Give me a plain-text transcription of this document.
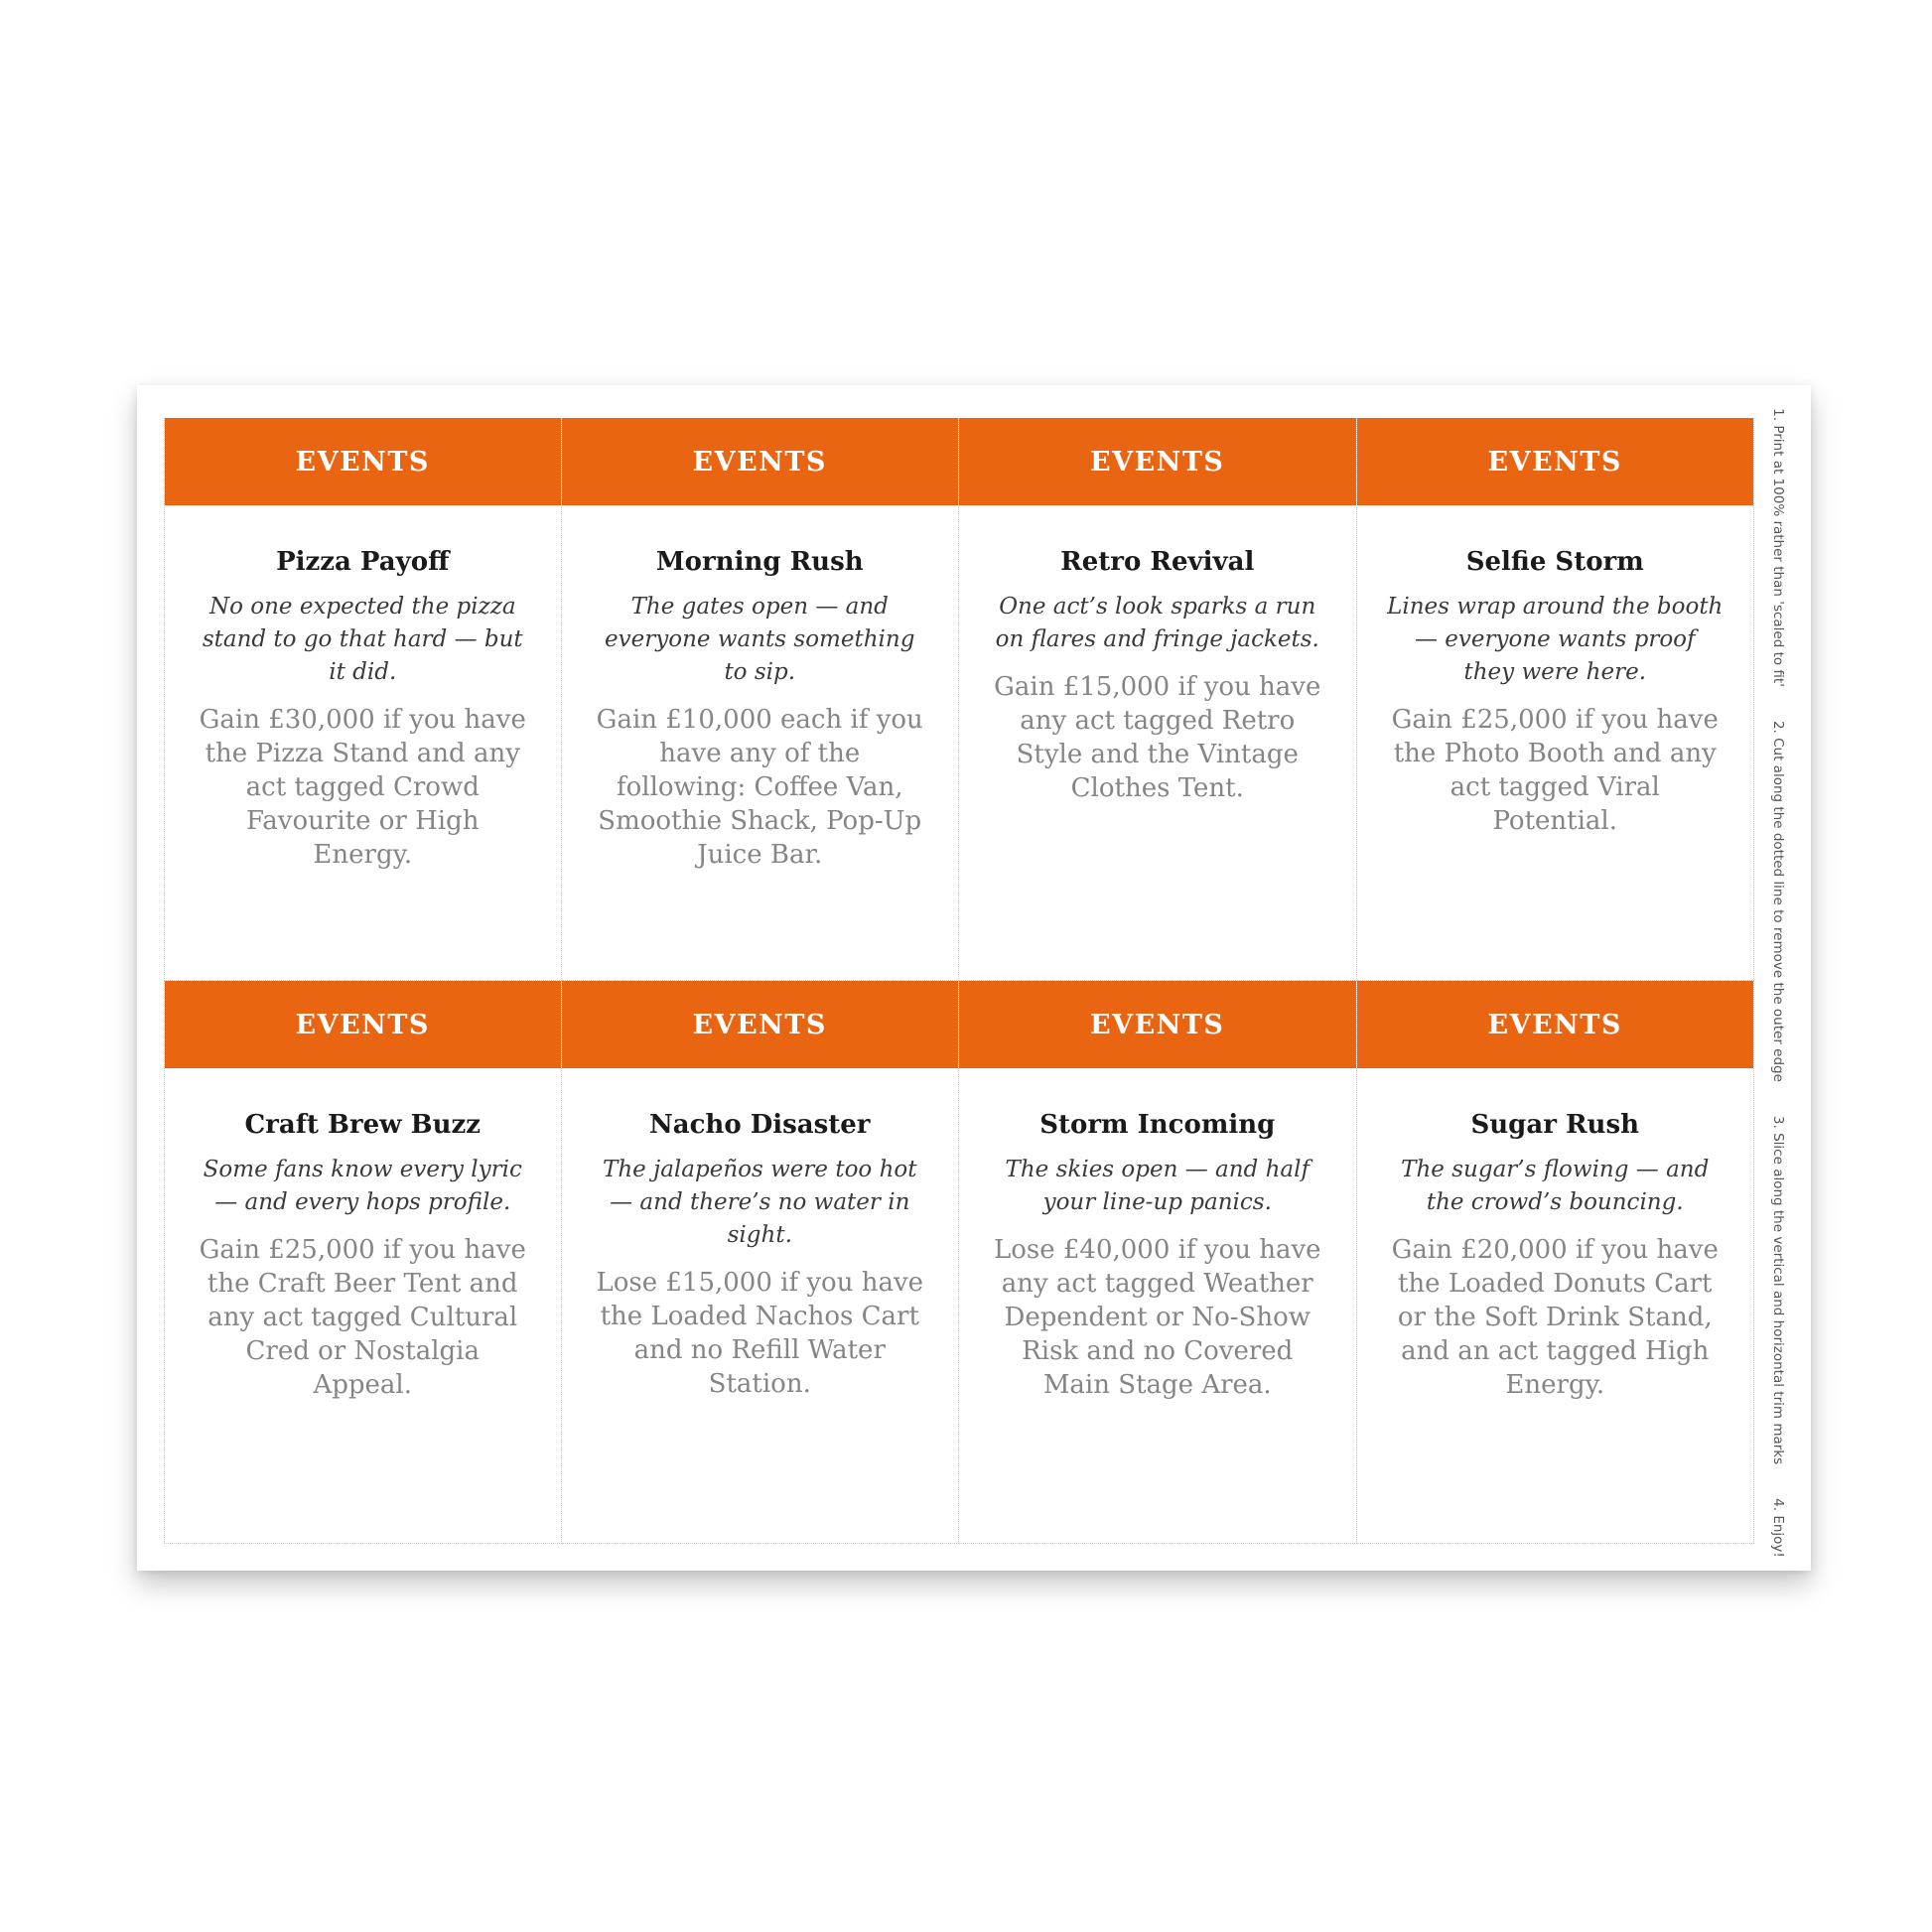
EVENTS
Pizza Payoff
No one expected the pizza stand to go that hard — but it did.
Gain £30,000 if you have the Pizza Stand and any act tagged Crowd Favourite or High Energy.
EVENTS
Morning Rush
The gates open — and everyone wants something to sip.
Gain £10,000 each if you have any of the following: Coffee Van, Smoothie Shack, Pop-Up Juice Bar.
EVENTS
Retro Revival
One act’s look sparks a run on flares and fringe jackets.
Gain £15,000 if you have any act tagged Retro Style and the Vintage Clothes Tent.
EVENTS
Selfie Storm
Lines wrap around the booth — everyone wants proof they were here.
Gain £25,000 if you have the Photo Booth and any act tagged Viral Potential.
EVENTS
Craft Brew Buzz
Some fans know every lyric — and every hops profile.
Gain £25,000 if you have the Craft Beer Tent and any act tagged Cultural Cred or Nostalgia Appeal.
EVENTS
Nacho Disaster
The jalapeños were too hot — and there’s no water in sight.
Lose £15,000 if you have the Loaded Nachos Cart and no Refill Water Station.
EVENTS
Storm Incoming
The skies open — and half your line-up panics.
Lose £40,000 if you have any act tagged Weather Dependent or No-Show Risk and no Covered Main Stage Area.
EVENTS
Sugar Rush
The sugar’s flowing — and the crowd’s bouncing.
Gain £20,000 if you have the Loaded Donuts Cart or the Soft Drink Stand, and an act tagged High Energy.
1. Print at 100% rather than 'scaled to fit'
2. Cut along the dotted line to remove the outer edge
3. Slice along the vertical and horizontal trim marks
4. Enjoy!
